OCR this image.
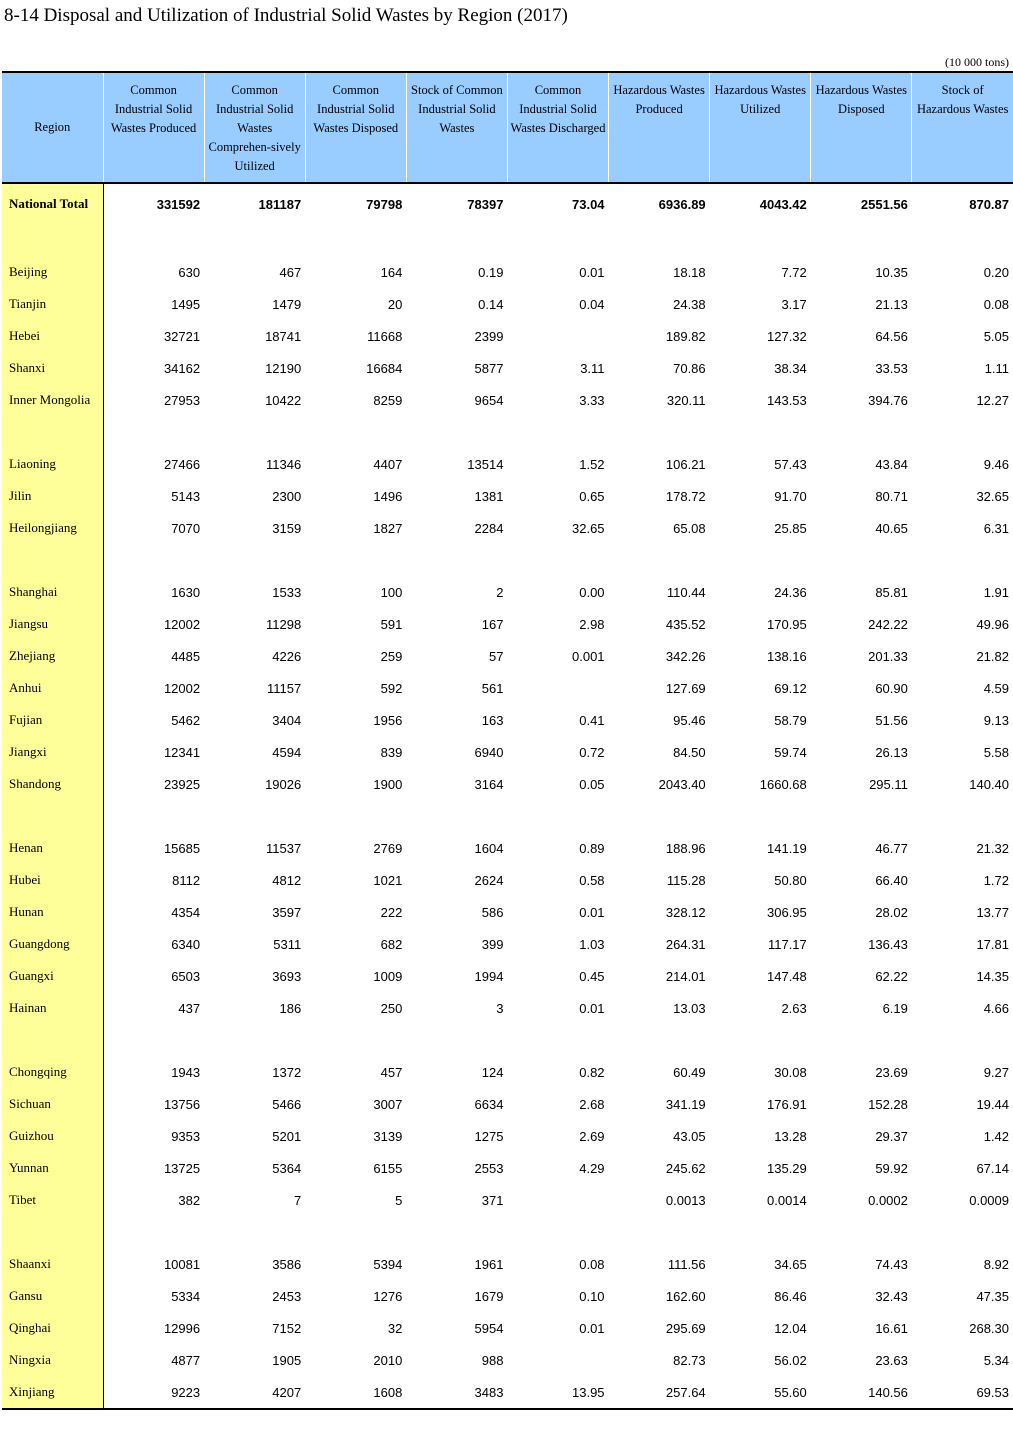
8-14 Disposal and Utilization of Industrial Solid Wastes by Region (2017)
(10 000 tons)
Region	Common Industrial Solid Wastes Produced	Common Industrial Solid Wastes Comprehen-sively Utilized	Common Industrial Solid Wastes Disposed	Stock of Common Industrial Solid Wastes	Common Industrial Solid Wastes Discharged	Hazardous Wastes Produced	Hazardous Wastes Utilized	Hazardous Wastes Disposed	Stock of Hazardous Wastes
National Total	331592	181187	79798	78397	73.04	6936.89	4043.42	2551.56	870.87

Beijing	630	467	164	0.19	0.01	18.18	7.72	10.35	0.20
Tianjin	1495	1479	20	0.14	0.04	24.38	3.17	21.13	0.08
Hebei	32721	18741	11668	2399		189.82	127.32	64.56	5.05
Shanxi	34162	12190	16684	5877	3.11	70.86	38.34	33.53	1.11
Inner Mongolia	27953	10422	8259	9654	3.33	320.11	143.53	394.76	12.27

Liaoning	27466	11346	4407	13514	1.52	106.21	57.43	43.84	9.46
Jilin	5143	2300	1496	1381	0.65	178.72	91.70	80.71	32.65
Heilongjiang	7070	3159	1827	2284	32.65	65.08	25.85	40.65	6.31

Shanghai	1630	1533	100	2	0.00	110.44	24.36	85.81	1.91
Jiangsu	12002	11298	591	167	2.98	435.52	170.95	242.22	49.96
Zhejiang	4485	4226	259	57	0.001	342.26	138.16	201.33	21.82
Anhui	12002	11157	592	561		127.69	69.12	60.90	4.59
Fujian	5462	3404	1956	163	0.41	95.46	58.79	51.56	9.13
Jiangxi	12341	4594	839	6940	0.72	84.50	59.74	26.13	5.58
Shandong	23925	19026	1900	3164	0.05	2043.40	1660.68	295.11	140.40

Henan	15685	11537	2769	1604	0.89	188.96	141.19	46.77	21.32
Hubei	8112	4812	1021	2624	0.58	115.28	50.80	66.40	1.72
Hunan	4354	3597	222	586	0.01	328.12	306.95	28.02	13.77
Guangdong	6340	5311	682	399	1.03	264.31	117.17	136.43	17.81
Guangxi	6503	3693	1009	1994	0.45	214.01	147.48	62.22	14.35
Hainan	437	186	250	3	0.01	13.03	2.63	6.19	4.66

Chongqing	1943	1372	457	124	0.82	60.49	30.08	23.69	9.27
Sichuan	13756	5466	3007	6634	2.68	341.19	176.91	152.28	19.44
Guizhou	9353	5201	3139	1275	2.69	43.05	13.28	29.37	1.42
Yunnan	13725	5364	6155	2553	4.29	245.62	135.29	59.92	67.14
Tibet	382	7	5	371		0.0013	0.0014	0.0002	0.0009

Shaanxi	10081	3586	5394	1961	0.08	111.56	34.65	74.43	8.92
Gansu	5334	2453	1276	1679	0.10	162.60	86.46	32.43	47.35
Qinghai	12996	7152	32	5954	0.01	295.69	12.04	16.61	268.30
Ningxia	4877	1905	2010	988		82.73	56.02	23.63	5.34
Xinjiang	9223	4207	1608	3483	13.95	257.64	55.60	140.56	69.53
